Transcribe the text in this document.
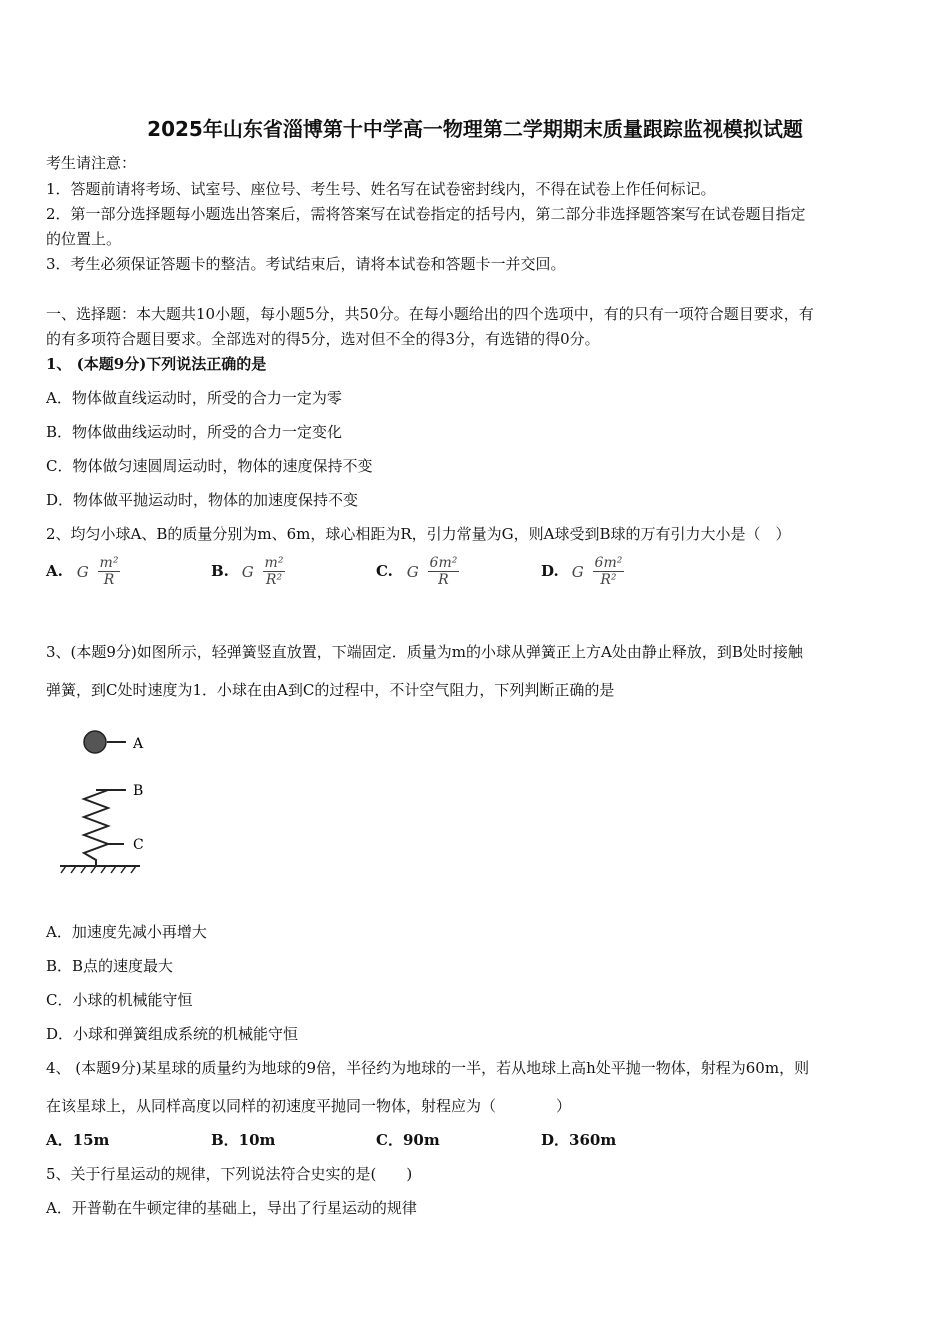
2025年山东省淄博第十中学高一物理第二学期期末质量跟踪监视模拟试题
考生请注意：
1．答题前请将考场、试室号、座位号、考生号、姓名写在试卷密封线内，不得在试卷上作任何标记。
2．第一部分选择题每小题选出答案后，需将答案写在试卷指定的括号内，第二部分非选择题答案写在试卷题目指定
的位置上。
3．考生必须保证答题卡的整洁。考试结束后，请将本试卷和答题卡一并交回。
一、选择题：本大题共10小题，每小题5分，共50分。在每小题给出的四个选项中，有的只有一项符合题目要求，有
的有多项符合题目要求。全部选对的得5分，选对但不全的得3分，有选错的得0分。
1、 (本题9分)下列说法正确的是
A．物体做直线运动时，所受的合力一定为零
B．物体做曲线运动时，所受的合力一定变化
C．物体做匀速圆周运动时，物体的速度保持不变
D．物体做平抛运动时，物体的加速度保持不变
2、均匀小球A、B的质量分别为m、6m，球心相距为R，引力常量为G，则A球受到B球的万有引力大小是（　）
A. G $\frac{\text{m²}}{R}$	B. G $\frac{\text{m²}}{\text{R²}}$	C. G $\frac{\text{6m²}}{R}$	D. G $\frac{\text{6m²}}{\text{R²}}$
3、(本题9分)如图所示，轻弹簧竖直放置，下端固定．质量为m的小球从弹簧正上方A处由静止释放，到B处时接触
弹簧，到C处时速度为1．小球在由A到C的过程中，不计空气阻力，下列判断正确的是
A
B
C
A．加速度先减小再增大
B．B点的速度最大
C．小球的机械能守恒
D．小球和弹簧组成系统的机械能守恒
4、 (本题9分)某星球的质量约为地球的9倍，半径约为地球的一半，若从地球上高h处平抛一物体，射程为60m，则
在该星球上，从同样高度以同样的初速度平抛同一物体，射程应为（　　　　）
A．15m	B．10m	C．90m	D．360m
5、关于行星运动的规律，下列说法符合史实的是(　　)
A．开普勒在牛顿定律的基础上，导出了行星运动的规律
